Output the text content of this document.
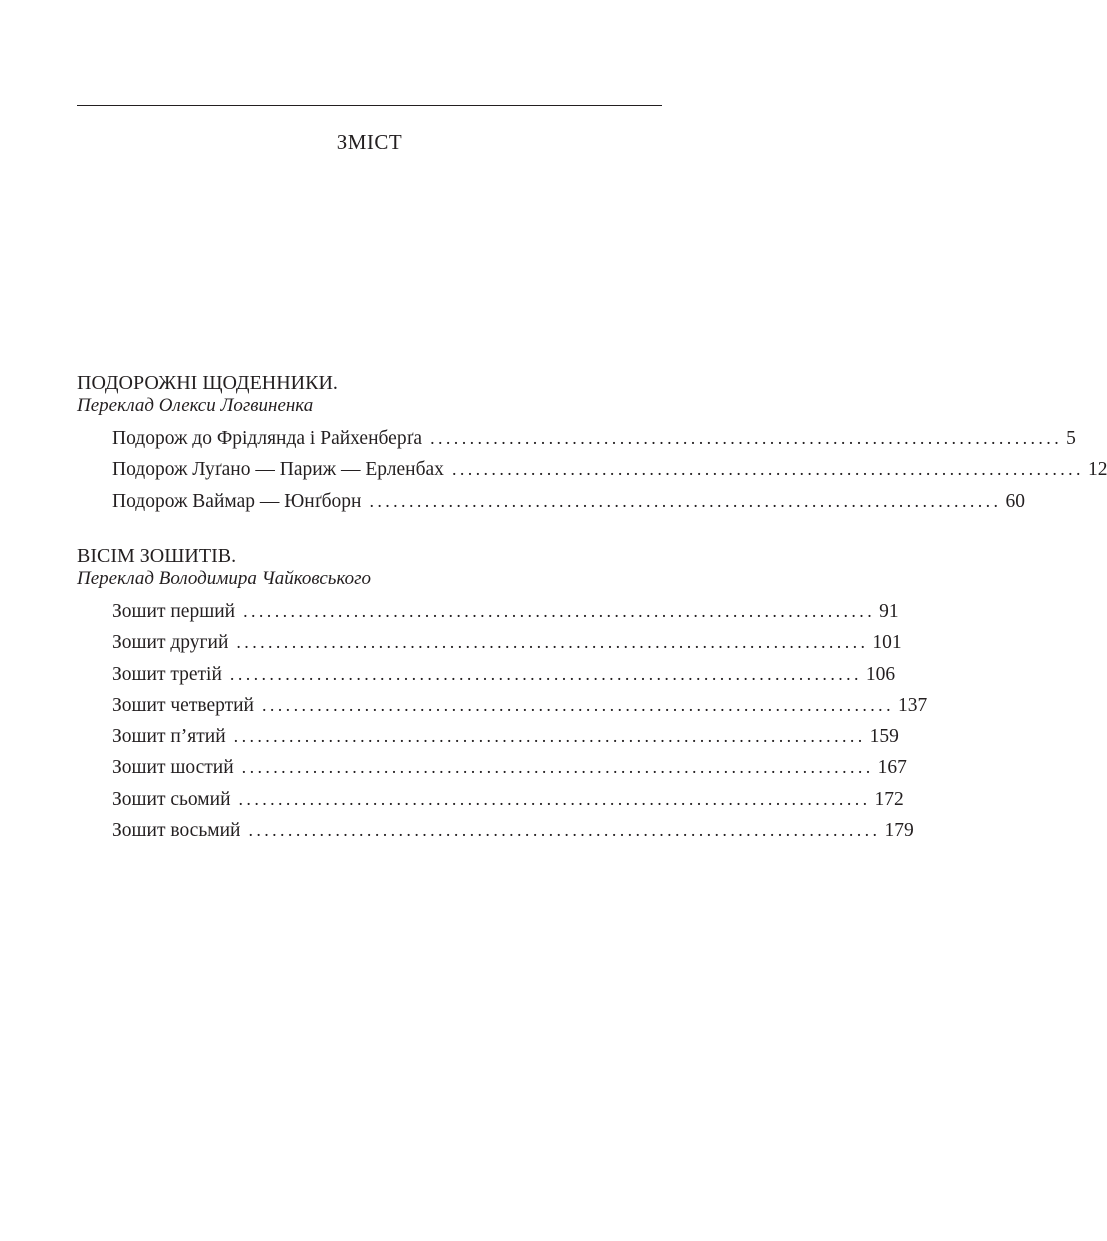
ЗМІСТ
ПОДОРОЖНІ ЩОДЕННИКИ.
Переклад Олекси Логвиненка
Подорож до Фрідлянда і Райхенберґа ................................................................................ 5
Подорож Луґано — Париж — Ерленбах ................................................................................ 12
Подорож Ваймар — Юнґборн ................................................................................ 60
ВІСІМ ЗОШИТІВ.
Переклад Володимира Чайковського
Зошит перший ................................................................................ 91
Зошит другий ................................................................................ 101
Зошит третій ................................................................................ 106
Зошит четвертий ................................................................................ 137
Зошит п’ятий ................................................................................ 159
Зошит шостий ................................................................................ 167
Зошит сьомий ................................................................................ 172
Зошит восьмий ................................................................................ 179
